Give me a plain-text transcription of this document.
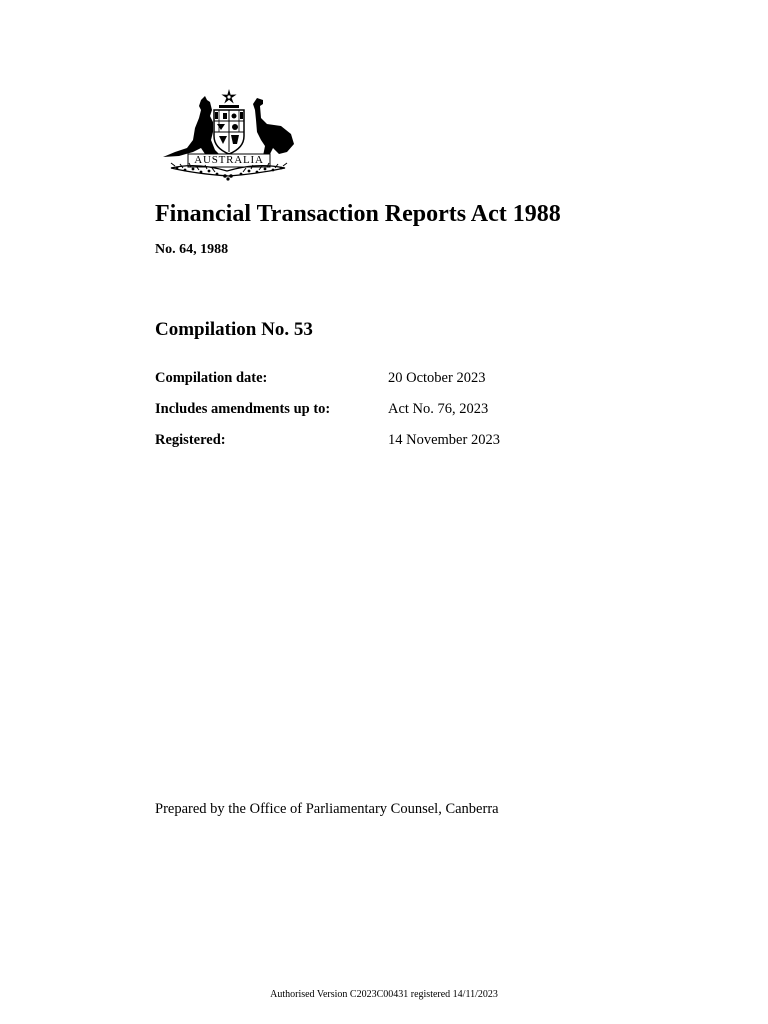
AUSTRALIA
Financial Transaction Reports Act 1988
No. 64, 1988
Compilation No. 53
Compilation date:	20 October 2023
Includes amendments up to:	Act No. 76, 2023
Registered:	14 November 2023
Prepared by the Office of Parliamentary Counsel, Canberra
Authorised Version C2023C00431 registered 14/11/2023
